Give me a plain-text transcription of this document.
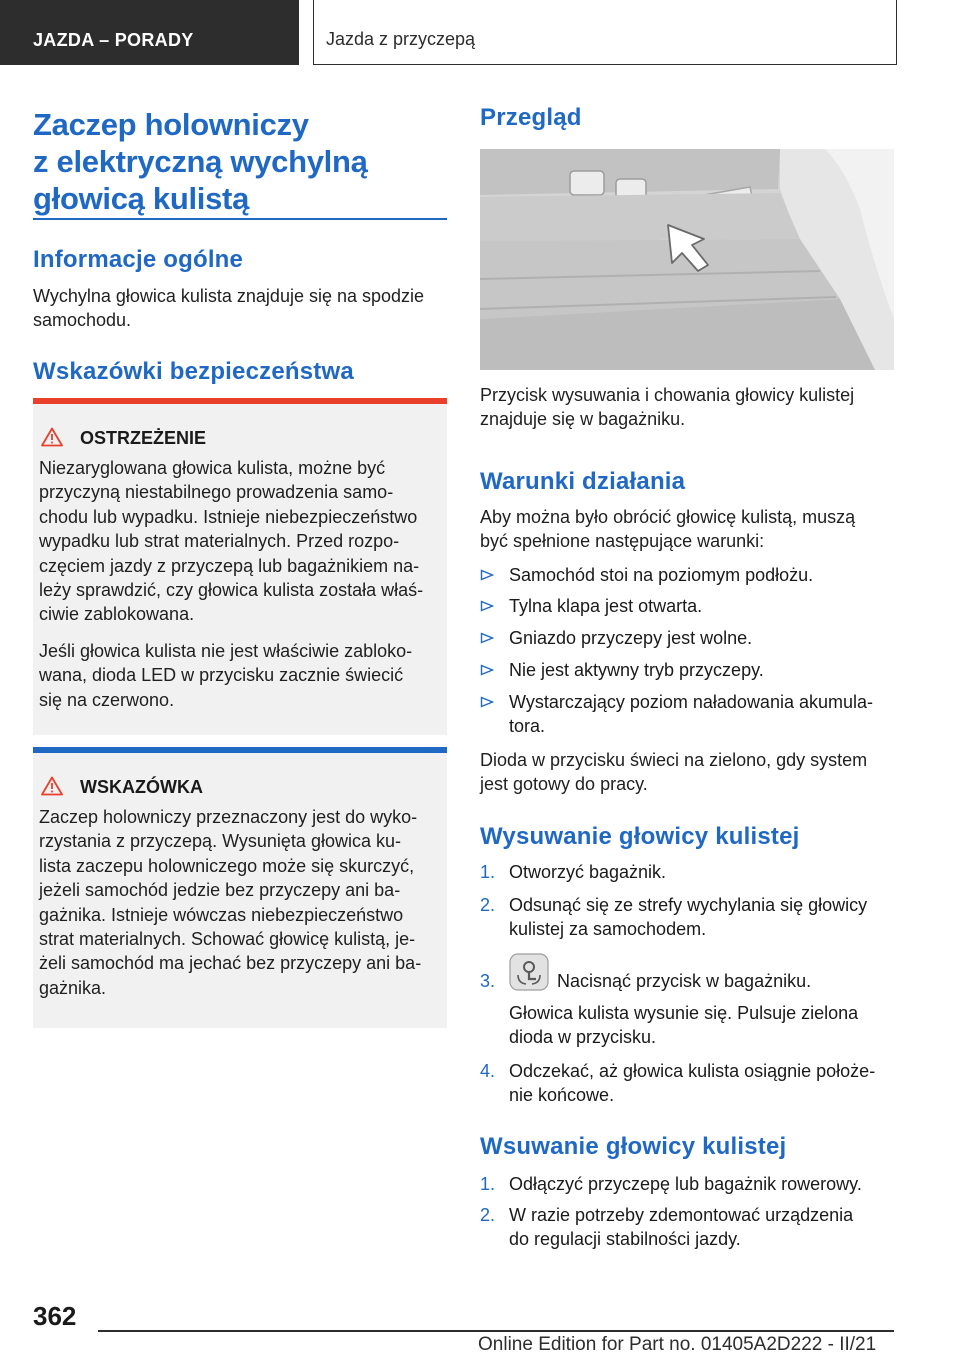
JAZDA – PORADY	Jazda z przyczepą
Zaczep holowniczy
z elektryczną wychylną
głowicą kulistą
Informacje ogólne
Wychylna głowica kulista znajduje się na spodzie
samochodu.
Wskazówki bezpieczeństwa
OSTRZEŻENIE

Niezaryglowana głowica kulista, możne być
przyczyną niestabilnego prowadzenia samo‐
chodu lub wypadku. Istnieje niebezpieczeństwo
wypadku lub strat materialnych. Przed rozpo‐
częciem jazdy z przyczepą lub bagażnikiem na‐
leży sprawdzić, czy głowica kulista została właś‐
ciwie zablokowana.

Jeśli głowica kulista nie jest właściwie zabloko‐
wana, dioda LED w przycisku zacznie świecić
się na czerwono.

WSKAZÓWKA

Zaczep holowniczy przeznaczony jest do wyko‐
rzystania z przyczepą. Wysunięta głowica ku‐
lista zaczepu holowniczego może się skurczyć,
jeżeli samochód jedzie bez przyczepy ani ba‐
gażnika. Istnieje wówczas niebezpieczeństwo
strat materialnych. Schować głowicę kulistą, je‐
żeli samochód ma jechać bez przyczepy ani ba‐
gażnika.

Przegląd
Przycisk wysuwania i chowania głowicy kulistej
znajduje się w bagażniku.
Warunki działania
Aby można było obrócić głowicę kulistą, muszą
być spełnione następujące warunki:
Samochód stoi na poziomym podłożu.
Tylna klapa jest otwarta.
Gniazdo przyczepy jest wolne.
Nie jest aktywny tryb przyczepy.
Wystarczający poziom naładowania akumula‐
tora.
Dioda w przycisku świeci na zielono, gdy system
jest gotowy do pracy.
Wysuwanie głowicy kulistej
1. Otworzyć bagażnik.
2. Odsunąć się ze strefy wychylania się głowicy
kulistej za samochodem.
3.	Nacisnąć przycisk w bagażniku.
Głowica kulista wysunie się. Pulsuje zielona
dioda w przycisku.
4. Odczekać, aż głowica kulista osiągnie położe‐
nie końcowe.
Wsuwanie głowicy kulistej
1. Odłączyć przyczepę lub bagażnik rowerowy.
2. W razie potrzeby zdemontować urządzenia
do regulacji stabilności jazdy.
362
Online Edition for Part no. 01405A2D222 - II/21
